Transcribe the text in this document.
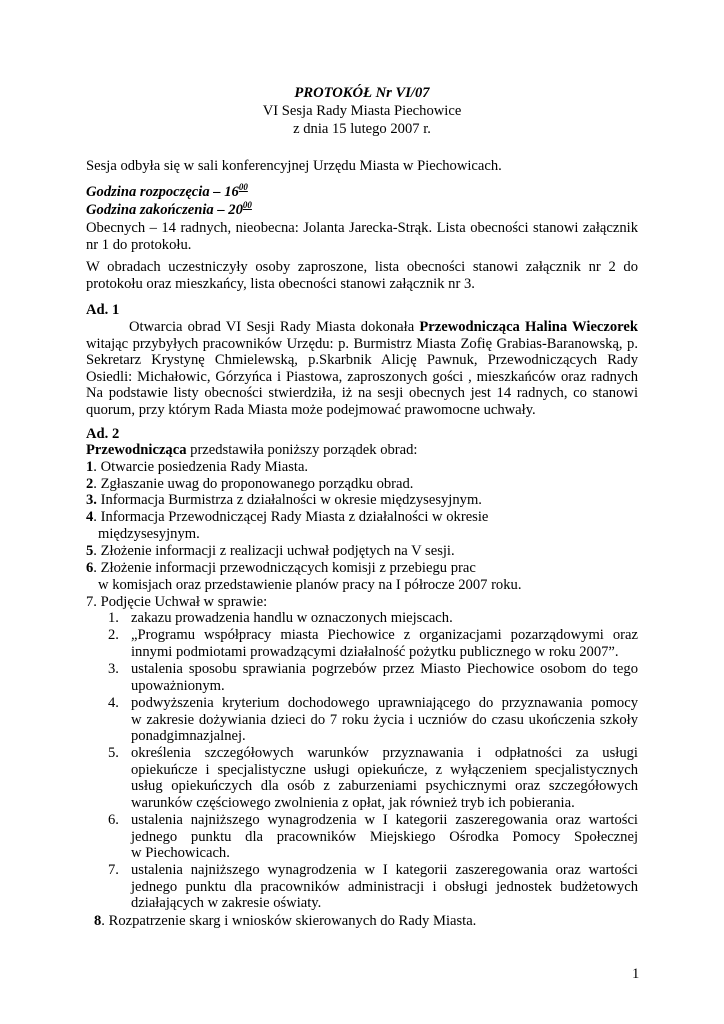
PROTOKÓŁ Nr VI/07
VI Sesja Rady Miasta Piechowice
z dnia 15 lutego 2007 r.
Sesja odbyła się w sali konferencyjnej Urzędu Miasta w Piechowicach.
Godzina rozpoczęcia – $16^{00}$
Godzina zakończenia – $20^{00}$

Obecnych – 14 radnych, nieobecna: Jolanta Jarecka-Strąk. Lista obecności stanowi załącznik

nr 1 do protokołu.

W obradach uczestniczyły osoby zaproszone, lista obecności stanowi załącznik nr 2 do

protokołu oraz mieszkańcy, lista obecności stanowi załącznik nr 3.

Ad. 1

Otwarcia obrad VI Sesji Rady Miasta dokonała Przewodnicząca Halina Wieczorek

witając przybyłych pracowników Urzędu: p. Burmistrz Miasta Zofię Grabias-Baranowską, p.

Sekretarz Krystynę Chmielewską, p.Skarbnik Alicję Pawnuk, Przewodniczących Rady

Osiedli: Michałowic, Górzyńca i Piastowa, zaproszonych gości , mieszkańców oraz radnych

Na podstawie listy obecności stwierdziła, iż na sesji obecnych jest 14 radnych, co stanowi

quorum, przy którym Rada Miasta może podejmować prawomocne uchwały.

Ad. 2
Przewodnicząca przedstawiła poniższy porządek obrad:
1. Otwarcie posiedzenia Rady Miasta.
2. Zgłaszanie uwag do proponowanego porządku obrad.
3. Informacja Burmistrza z działalności w okresie międzysesyjnym.
4. Informacja Przewodniczącej Rady Miasta z działalności w okresie
międzysesyjnym.
5. Złożenie informacji z realizacji uchwał podjętych na V sesji.
6. Złożenie informacji przewodniczących komisji z przebiegu prac
w komisjach oraz przedstawienie planów pracy na I półrocze 2007 roku.
7. Podjęcie Uchwał w sprawie:
1. zakazu prowadzenia handlu w oznaczonych miejscach.

2. „Programu współpracy miasta Piechowice z organizacjami pozarządowymi oraz

innymi podmiotami prowadzącymi działalność pożytku publicznego w roku 2007”.

3. ustalenia sposobu sprawiania pogrzebów przez Miasto Piechowice osobom do tego

upoważnionym.

4. podwyższenia kryterium dochodowego uprawniającego do przyznawania pomocy

w zakresie dożywiania dzieci do 7 roku życia i uczniów do czasu ukończenia szkoły

ponadgimnazjalnej.

5. określenia szczegółowych warunków przyznawania i odpłatności za usługi

opiekuńcze i specjalistyczne usługi opiekuńcze, z wyłączeniem specjalistycznych

usług opiekuńczych dla osób z zaburzeniami psychicznymi oraz szczegółowych

warunków częściowego zwolnienia z opłat, jak również tryb ich pobierania.

6. ustalenia najniższego wynagrodzenia w I kategorii zaszeregowania oraz wartości

jednego punktu dla pracowników Miejskiego Ośrodka Pomocy Społecznej

w Piechowicach.

7. ustalenia najniższego wynagrodzenia w I kategorii zaszeregowania oraz wartości

jednego punktu dla pracowników administracji i obsługi jednostek budżetowych

działających w zakresie oświaty.

8. Rozpatrzenie skarg i wniosków skierowanych do Rady Miasta.
1
